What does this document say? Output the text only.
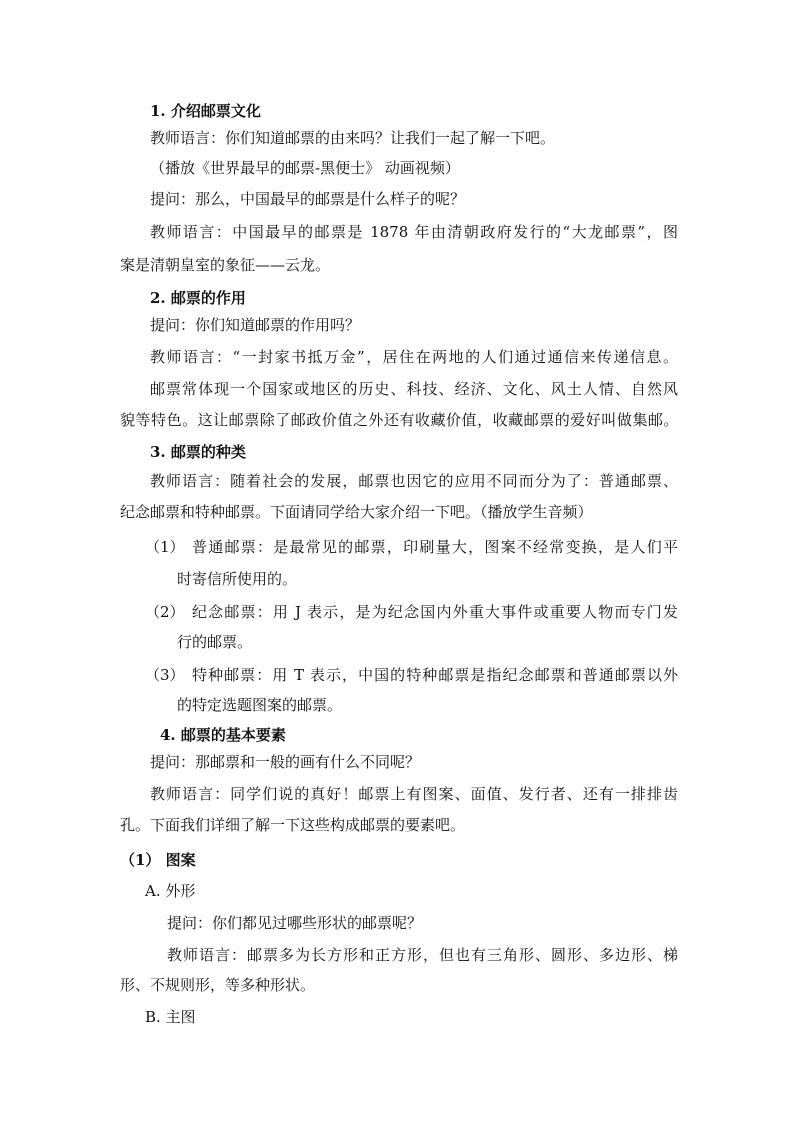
1. 介绍邮票文化
教师语言：你们知道邮票的由来吗？让我们一起了解一下吧。
（播放《世界最早的邮票-黑便士》 动画视频）
提问：那么，中国最早的邮票是什么样子的呢？
教师语言：中国最早的邮票是 1878 年由清朝政府发行的“大龙邮票”，图
案是清朝皇室的象征——云龙。
2. 邮票的作用
提问：你们知道邮票的作用吗？
教师语言：“一封家书抵万金”，居住在两地的人们通过通信来传递信息。
邮票常体现一个国家或地区的历史、科技、经济、文化、风土人情、自然风
貌等特色。这让邮票除了邮政价值之外还有收藏价值，收藏邮票的爱好叫做集邮。
3. 邮票的种类
教师语言：随着社会的发展，邮票也因它的应用不同而分为了：普通邮票、
纪念邮票和特种邮票。下面请同学给大家介绍一下吧。（播放学生音频）
（1） 普通邮票：是最常见的邮票，印刷量大，图案不经常变换，是人们平
时寄信所使用的。
（2） 纪念邮票：用 J 表示，是为纪念国内外重大事件或重要人物而专门发
行的邮票。
（3） 特种邮票：用 T 表示，中国的特种邮票是指纪念邮票和普通邮票以外
的特定选题图案的邮票。
4. 邮票的基本要素
提问：那邮票和一般的画有什么不同呢？
教师语言：同学们说的真好！邮票上有图案、面值、发行者、还有一排排齿
孔。下面我们详细了解一下这些构成邮票的要素吧。
（1） 图案
A. 外形
提问：你们都见过哪些形状的邮票呢？
教师语言：邮票多为长方形和正方形，但也有三角形、圆形、多边形、梯
形、不规则形，等多种形状。
B. 主图
